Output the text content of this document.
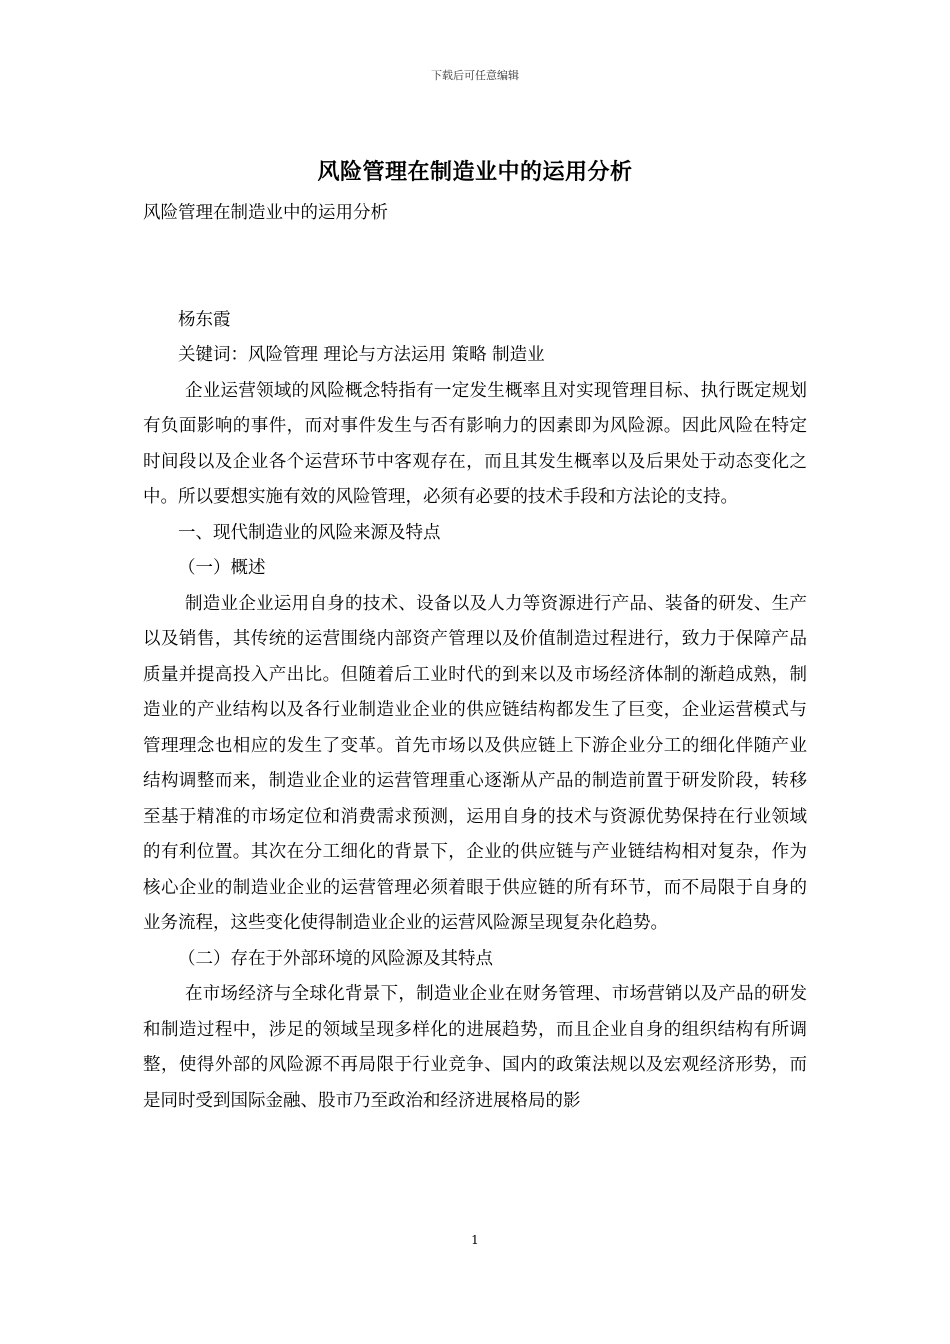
下载后可任意编辑
风险管理在制造业中的运用分析

风险管理在制造业中的运用分析

杨东霞

关键词：风险管理 理论与方法运用 策略 制造业

企业运营领域的风险概念特指有一定发生概率且对实现管理目标、执行既定规划有负面影响的事件，而对事件发生与否有影响力的因素即为风险源。因此风险在特定时间段以及企业各个运营环节中客观存在，而且其发生概率以及后果处于动态变化之中。所以要想实施有效的风险管理，必须有必要的技术手段和方法论的支持。

一、现代制造业的风险来源及特点

（一）概述

制造业企业运用自身的技术、设备以及人力等资源进行产品、装备的研发、生产以及销售，其传统的运营围绕内部资产管理以及价值制造过程进行，致力于保障产品质量并提高投入产出比。但随着后工业时代的到来以及市场经济体制的渐趋成熟，制造业的产业结构以及各行业制造业企业的供应链结构都发生了巨变，企业运营模式与管理理念也相应的发生了变革。首先市场以及供应链上下游企业分工的细化伴随产业结构调整而来，制造业企业的运营管理重心逐渐从产品的制造前置于研发阶段，转移至基于精准的市场定位和消费需求预测，运用自身的技术与资源优势保持在行业领域的有利位置。其次在分工细化的背景下，企业的供应链与产业链结构相对复杂，作为核心企业的制造业企业的运营管理必须着眼于供应链的所有环节，而不局限于自身的业务流程，这些变化使得制造业企业的运营风险源呈现复杂化趋势。

（二）存在于外部环境的风险源及其特点

在市场经济与全球化背景下，制造业企业在财务管理、市场营销以及产品的研发和制造过程中，涉足的领域呈现多样化的进展趋势，而且企业自身的组织结构有所调整，使得外部的风险源不再局限于行业竞争、国内的政策法规以及宏观经济形势，而是同时受到国际金融、股市乃至政治和经济进展格局的影

1
